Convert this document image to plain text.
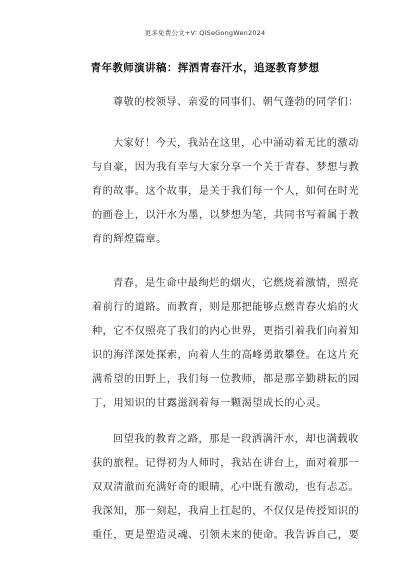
更多免费公文+V∶ QiSeGongWen2024
青年教师演讲稿：挥洒青春汗水，追逐教育梦想

尊敬的校领导、亲爱的同事们、朝气蓬勃的同学们：

大家好！今天，我站在这里，心中涌动着无比的激动
与自豪，因为我有幸与大家分享一个关于青春、梦想与教
育的故事。这个故事，是关于我们每一个人，如何在时光
的画卷上，以汗水为墨，以梦想为笔，共同书写着属于教
育的辉煌篇章。

青春，是生命中最绚烂的烟火，它燃烧着激情，照亮
着前行的道路。而教育，则是那把能够点燃青春火焰的火
种，它不仅照亮了我们的内心世界，更指引着我们向着知
识的海洋深处探索，向着人生的高峰勇敢攀登。在这片充
满希望的田野上，我们每一位教师，都是那辛勤耕耘的园
丁，用知识的甘露滋润着每一颗渴望成长的心灵。

回望我的教育之路，那是一段洒满汗水，却也满载收
获的旅程。记得初为人师时，我站在讲台上，面对着那一
双双清澈而充满好奇的眼睛，心中既有激动，也有忐忑。
我深知，那一刻起，我肩上扛起的，不仅仅是传授知识的
重任，更是塑造灵魂、引领未来的使命。我告诉自己，要
